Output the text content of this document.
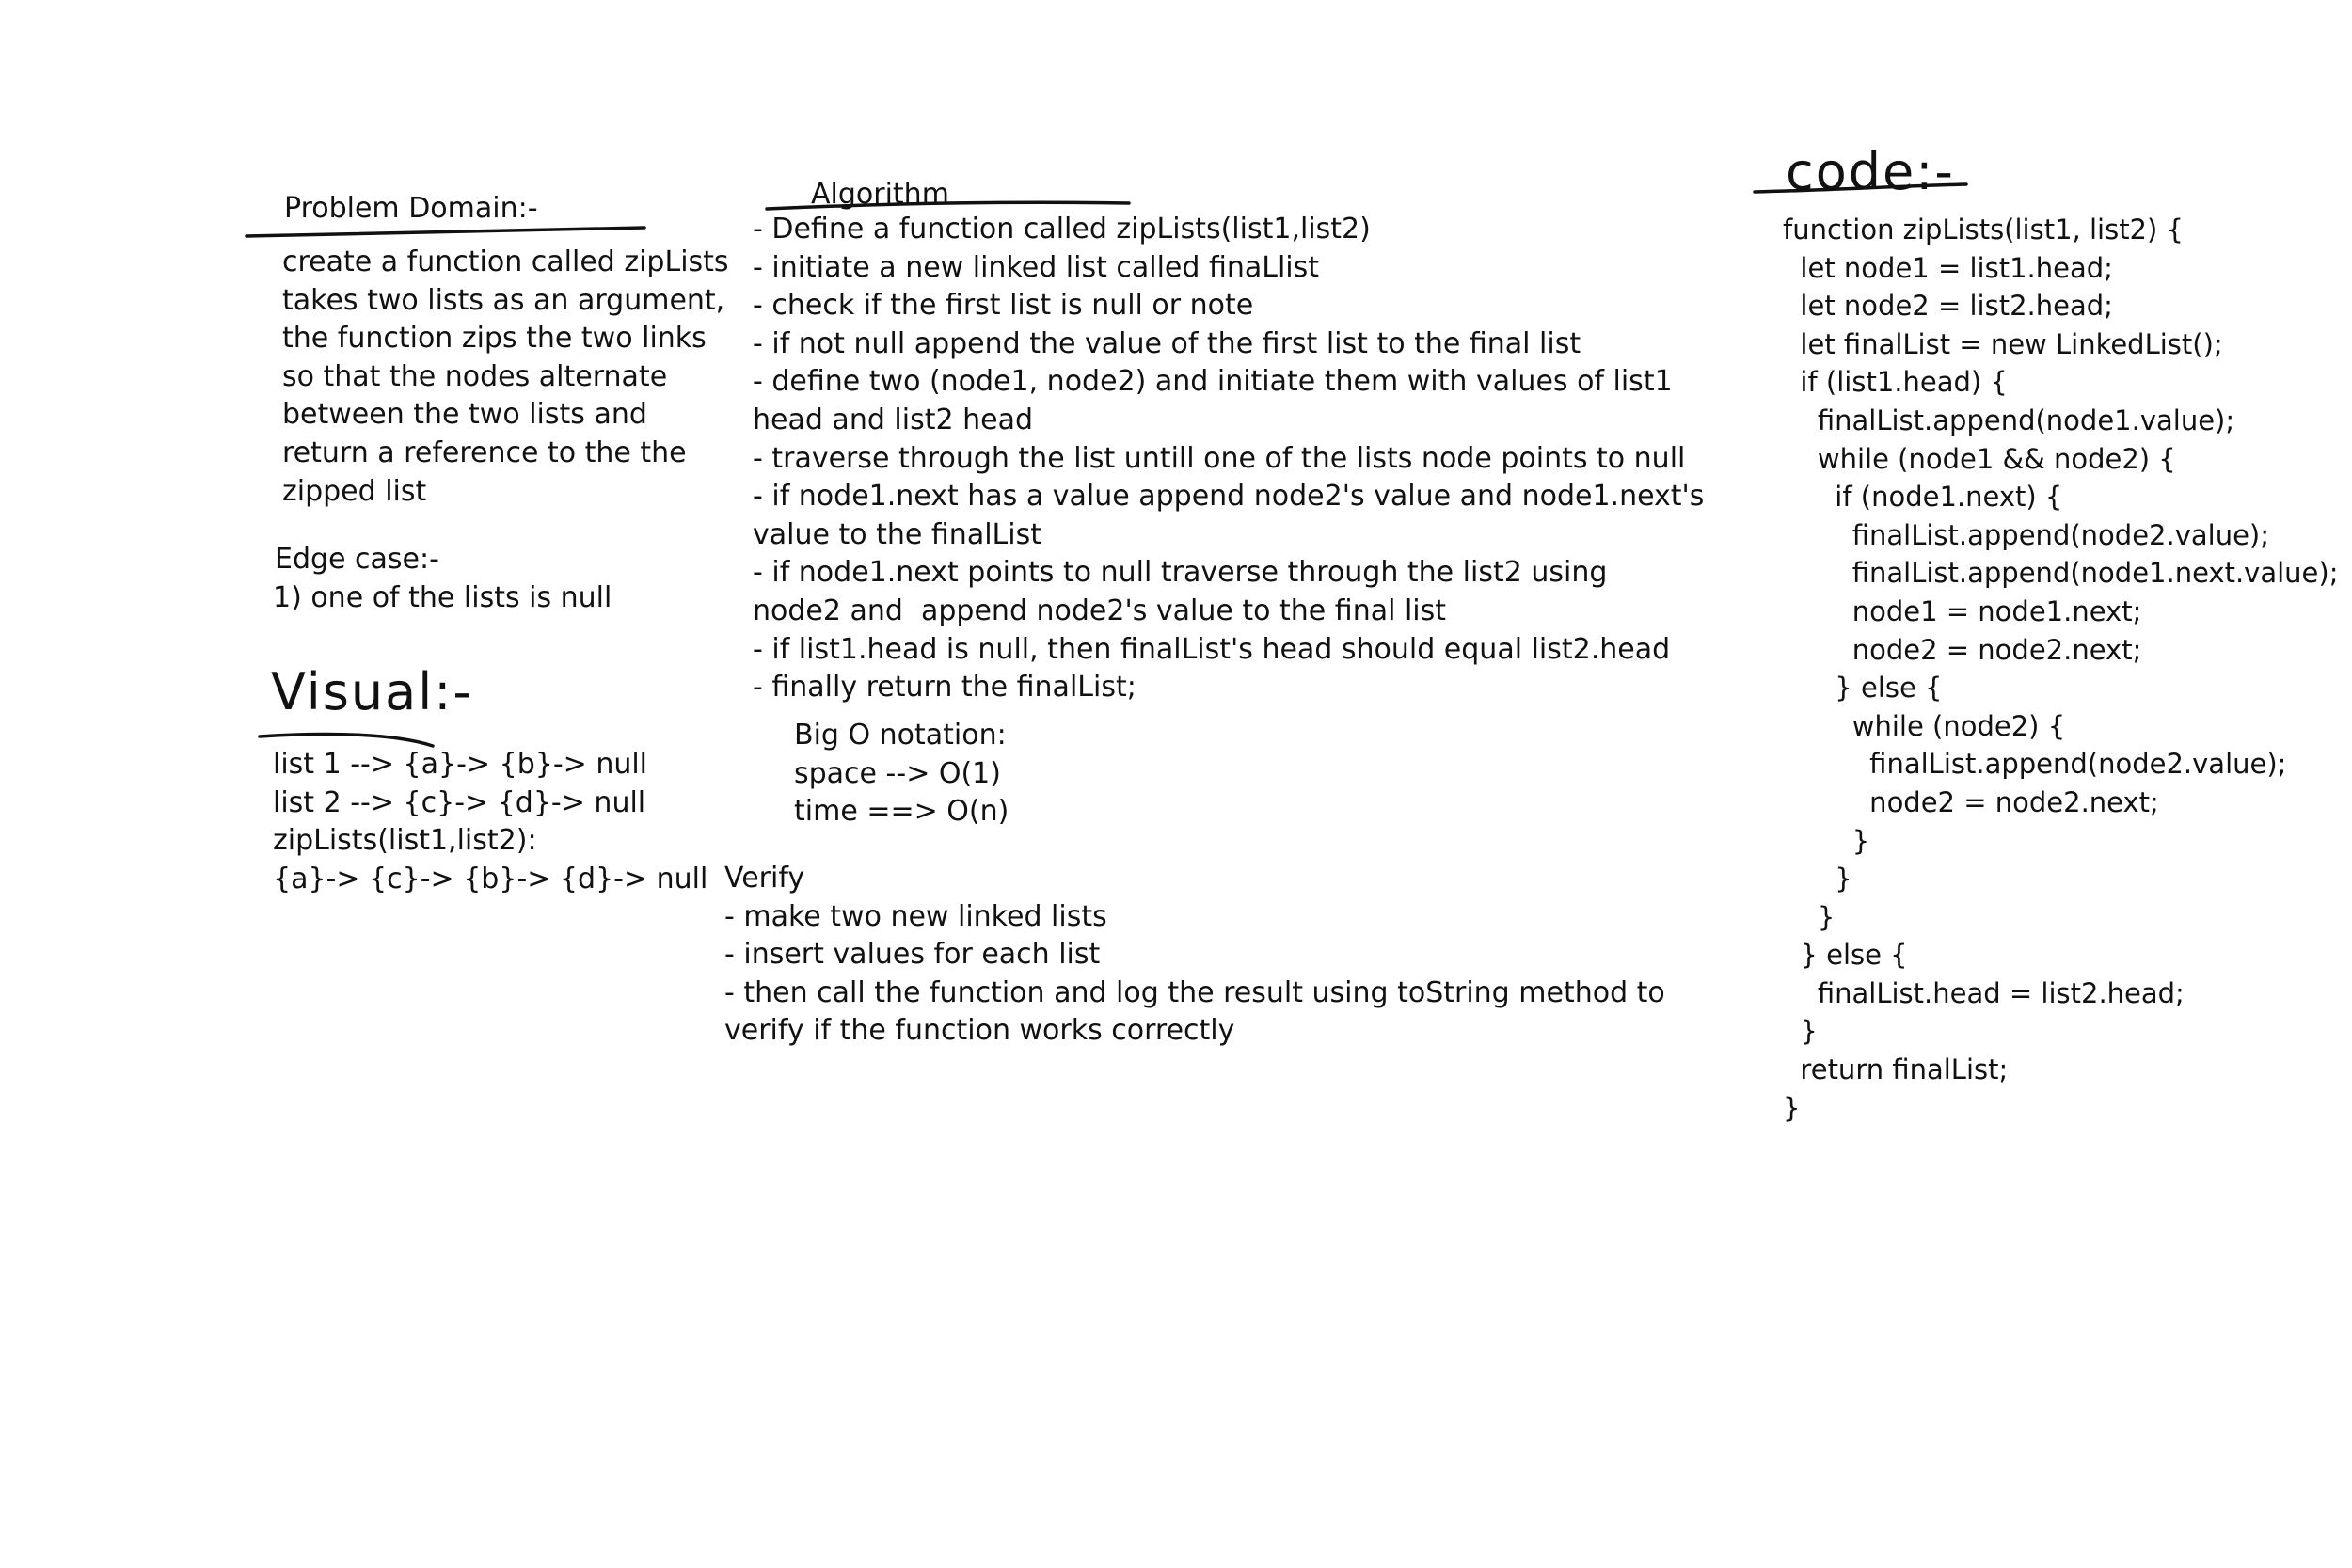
Problem Domain:-
create a function called zipLists
takes two lists as an argument,
the function zips the two links
so that the nodes alternate
between the two lists and
return a reference to the the
zipped list
Edge case:-
1) one of the lists is null
Visual:-
list 1 --> {a}-> {b}-> null
list 2 --> {c}-> {d}-> null
zipLists(list1,list2):
{a}-> {c}-> {b}-> {d}-> null
Algorithm
- Define a function called zipLists(list1,list2)
- initiate a new linked list called finaLlist
- check if the first list is null or note
- if not null append the value of the first list to the final list
- define two (node1, node2) and initiate them with values of list1
head and list2 head
- traverse through the list untill one of the lists node points to null
- if node1.next has a value append node2's value and node1.next's
value to the finalList
- if node1.next points to null traverse through the list2 using
node2 and  append node2's value to the final list
- if list1.head is null, then finalList's head should equal list2.head
- finally return the finalList;
Big O notation:
space --> O(1)
time ==> O(n)
Verify
- make two new linked lists
- insert values for each list
- then call the function and log the result using toString method to
verify if the function works correctly
code:-
function zipLists(list1, list2) {
let node1 = list1.head;
let node2 = list2.head;
let finalList = new LinkedList();
if (list1.head) {
finalList.append(node1.value);
while (node1 && node2) {
if (node1.next) {
finalList.append(node2.value);
finalList.append(node1.next.value);
node1 = node1.next;
node2 = node2.next;
} else {
while (node2) {
finalList.append(node2.value);
node2 = node2.next;
}
}
}
} else {
finalList.head = list2.head;
}
return finalList;
}
